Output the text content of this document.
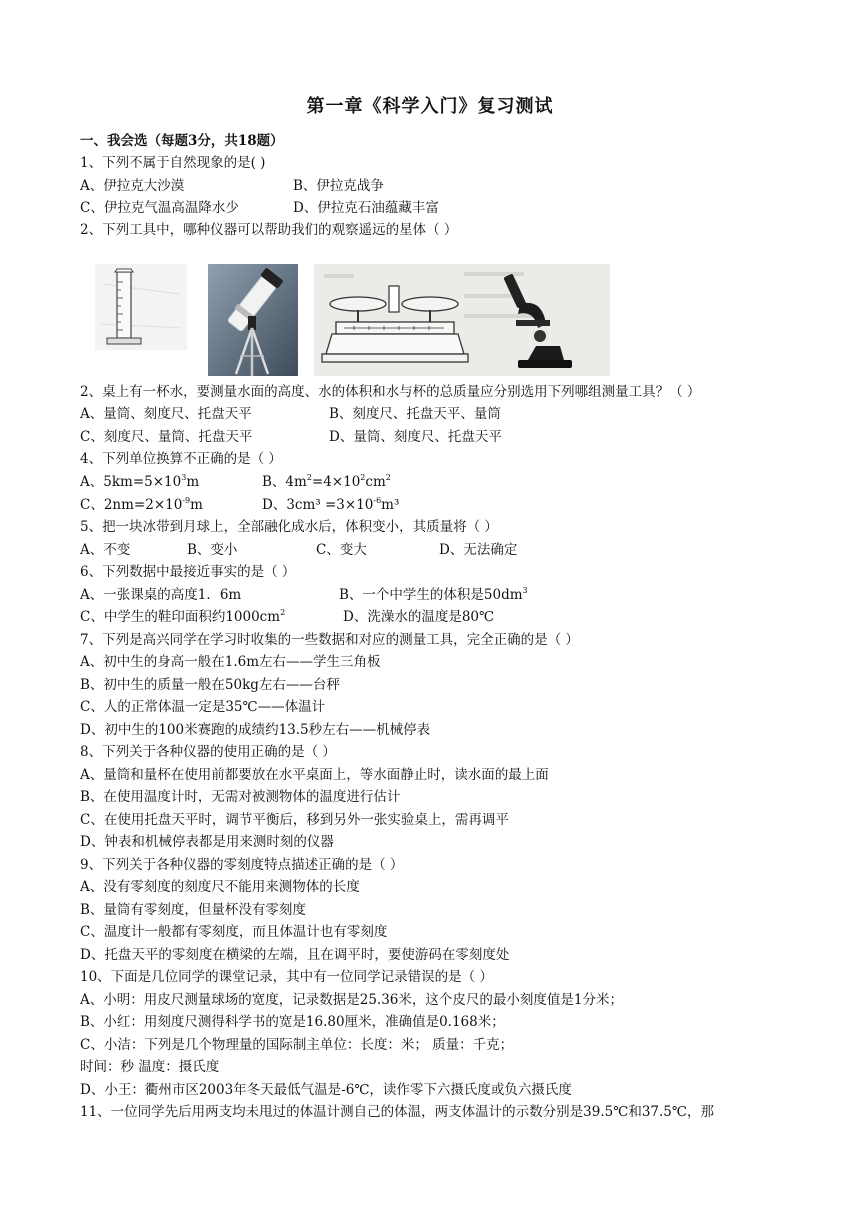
第一章《科学入门》复习测试
一、我会选（每题3分，共18题）
1、下列不属于自然现象的是( )
A、伊拉克大沙漠	B、伊拉克战争
C、伊拉克气温高温降水少	D、伊拉克石油蕴藏丰富
2、下列工具中，哪种仪器可以帮助我们的观察遥远的星体（ ）
2、桌上有一杯水，要测量水面的高度、水的体积和水与杯的总质量应分别选用下列哪组测量工具？（ ）
A、量筒、刻度尺、托盘天平	B、刻度尺、托盘天平、量筒
C、刻度尺、量筒、托盘天平	D、量筒、刻度尺、托盘天平
4、下列单位换算不正确的是（ ）
A、$5km=5\times 10^3m$	B、$4m^2=4\times 10^2cm^2$
C、$2nm=2\times 10^{-9}m$	D、$3cm^3 =3\times 10^{-6}m^3$
5、把一块冰带到月球上，全部融化成水后，体积变小，其质量将（ ）
A、不变	B、变小	C、变大	D、无法确定
6、下列数据中最接近事实的是（ ）
A、一张课桌的高度1．6m	B、一个中学生的体积是$50dm^3$
C、中学生的鞋印面积约$1000cm^2$	D、洗澡水的温度是80℃
7、下列是高兴同学在学习时收集的一些数据和对应的测量工具，完全正确的是（ ）
A、初中生的身高一般在1.6m左右——学生三角板
B、初中生的质量一般在50kg左右——台秤
C、人的正常体温一定是35℃——体温计
D、初中生的100米赛跑的成绩约13.5秒左右——机械停表
8、下列关于各种仪器的使用正确的是（ ）
A、量筒和量杯在使用前都要放在水平桌面上，等水面静止时，读水面的最上面
B、在使用温度计时，无需对被测物体的温度进行估计
C、在使用托盘天平时，调节平衡后，移到另外一张实验桌上，需再调平
D、钟表和机械停表都是用来测时刻的仪器
9、下列关于各种仪器的零刻度特点描述正确的是（ ）
A、没有零刻度的刻度尺不能用来测物体的长度
B、量筒有零刻度，但量杯没有零刻度
C、温度计一般都有零刻度，而且体温计也有零刻度
D、托盘天平的零刻度在横梁的左端，且在调平时，要使游码在零刻度处
10、下面是几位同学的课堂记录，其中有一位同学记录错误的是（ ）
A、小明：用皮尺测量球场的宽度，记录数据是25.36米，这个皮尺的最小刻度值是1分米；
B、小红：用刻度尺测得科学书的宽是16.80厘米，准确值是0.168米；
C、小洁：下列是几个物理量的国际制主单位：长度：米； 质量：千克；
时间：秒 温度：摄氏度
D、小王：衢州市区2003年冬天最低气温是-6℃，读作零下六摄氏度或负六摄氏度
11、一位同学先后用两支均未甩过的体温计测自己的体温，两支体温计的示数分别是39.5℃和37.5℃，那
